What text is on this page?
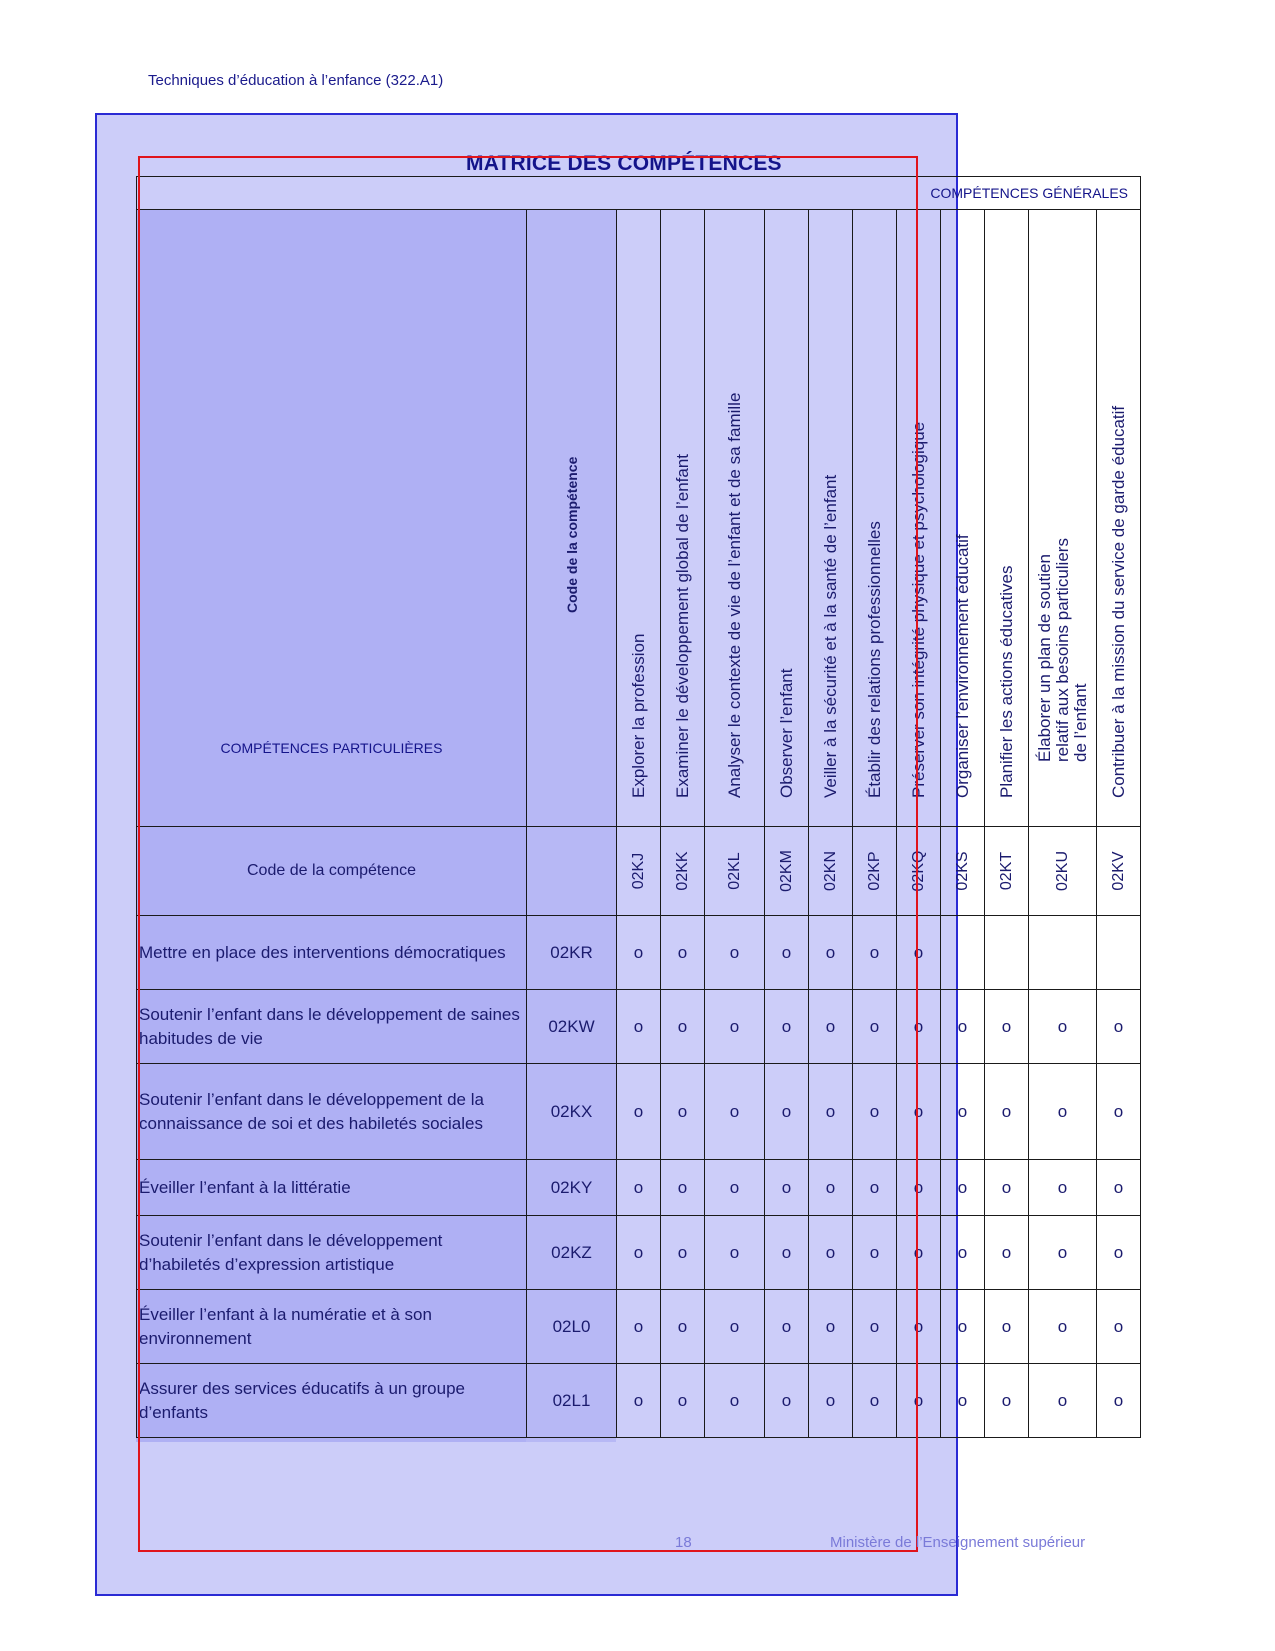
Techniques d’éducation à l’enfance (322.A1)
MATRICE DES COMPÉTENCES
COMPÉTENCES GÉNÉRALES												
COMPÉTENCES PARTICULIÈRES	Code de la compétence	Explorer la profession	Examiner le développement global de l’enfant	Analyser le contexte de vie de l’enfant et de sa famille	Observer l’enfant	Veiller à la sécurité et à la santé de l’enfant	Établir des relations professionnelles	Préserver son intégrité physique et psychologique	Organiser l’environnement éducatif	Planifier les actions éducatives	Élaborer un plan de soutien relatif aux besoins particuliers de l’enfant	Contribuer à la mission du service de garde éducatif

Code de la compétence		02KJ	02KK	02KL	02KM	02KN	02KP	02KQ	02KS	02KT	02KU	02KV

Mettre en place des interventions démocratiques	02KR	o	o	o	o	o	o	o				
Soutenir l’enfant dans le développement de saines habitudes de vie	02KW	o	o	o	o	o	o	o	o	o	o	o
Soutenir l’enfant dans le développement de la connaissance de soi et des habiletés sociales	02KX	o	o	o	o	o	o	o	o	o	o	o
Éveiller l’enfant à la littératie	02KY	o	o	o	o	o	o	o	o	o	o	o
Soutenir l’enfant dans le développement d’habiletés d’expression artistique	02KZ	o	o	o	o	o	o	o	o	o	o	o
Éveiller l’enfant à la numératie et à son environnement	02L0	o	o	o	o	o	o	o	o	o	o	o
Assurer des services éducatifs à un groupe d’enfants	02L1	o	o	o	o	o	o	o	o	o	o	o
18	Ministère de l’Enseignement supérieur
